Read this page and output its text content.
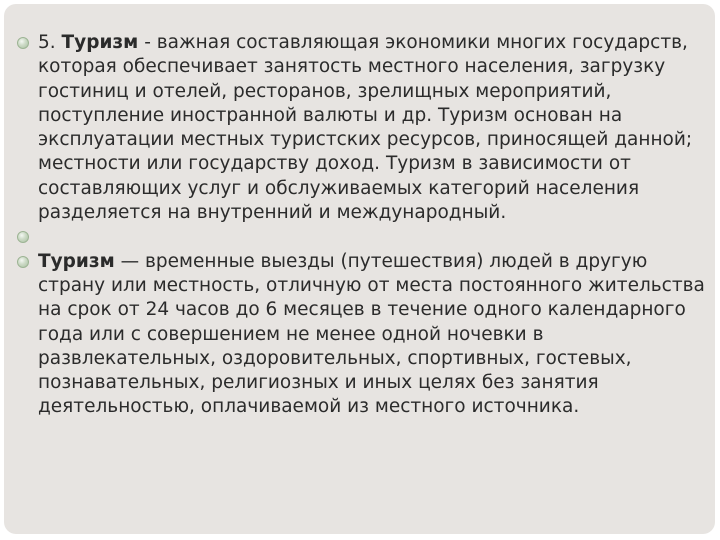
5. Туризм - важная составляющая экономики многих государств, которая обеспечивает занятость местного населения, загрузку гостиниц и отелей, ресторанов, зрелищных мероприятий, поступление иностранной валюты и др. Туризм основан на эксплуатации местных туристских ресурсов, приносящей данной; местности или государству доход. Туризм в зависимости от составляющих услуг и обслуживаемых категорий населения разделяется на внутренний и международный.
Туризм — временные выезды (путешествия) людей в другую страну или местность, отличную от места постоянного жительства на срок от 24 часов до 6 месяцев в течение одного календарного года или с совершением не менее одной ночевки в развлекательных, оздоровительных, спортивных, гостевых, познавательных, религиозных и иных целях без занятия деятельностью, оплачиваемой из местного источника.
